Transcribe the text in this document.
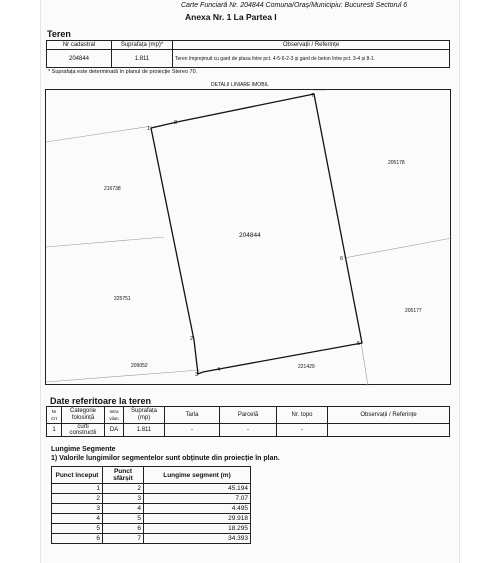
Carte Funciară Nr. 204844 Comuna/Oraș/Municipiu: Bucuresti Sectorul 6
Anexa Nr. 1 La Partea I
Teren
Nr cadastral	Suprafața (mp)*	Observații / Referințe
204844	1.811	Teren împrejmuit cu gard de plasa între pct. 4-5-6-2-3 și gard de beton între pct. 3-4 și 8-1.
* Suprafața este determinată în planul de proiecție Stereo 70.
DETALII LINIARE IMOBIL
1
2
3
4
5
6
7
8
216738
225751
209052	221429
205178
205177
204844
Date referitoare la teren
Nr Crt	Categorie folosință	Intra vilan	Suprafața (mp)	Tarla	Parcelă	Nr. topo	Observații / Referințe
1	curti constructii	DA	1.811	-	-	-	
Lungime Segmente
1) Valorile lungimilor segmentelor sunt obținute din proiecție în plan.
Punct început	Punct sfârșit	Lungime segment (m)
1	2	45.194
2	3	7.07
3	4	4.495
4	5	29.918
5	6	18.295
6	7	34.393
